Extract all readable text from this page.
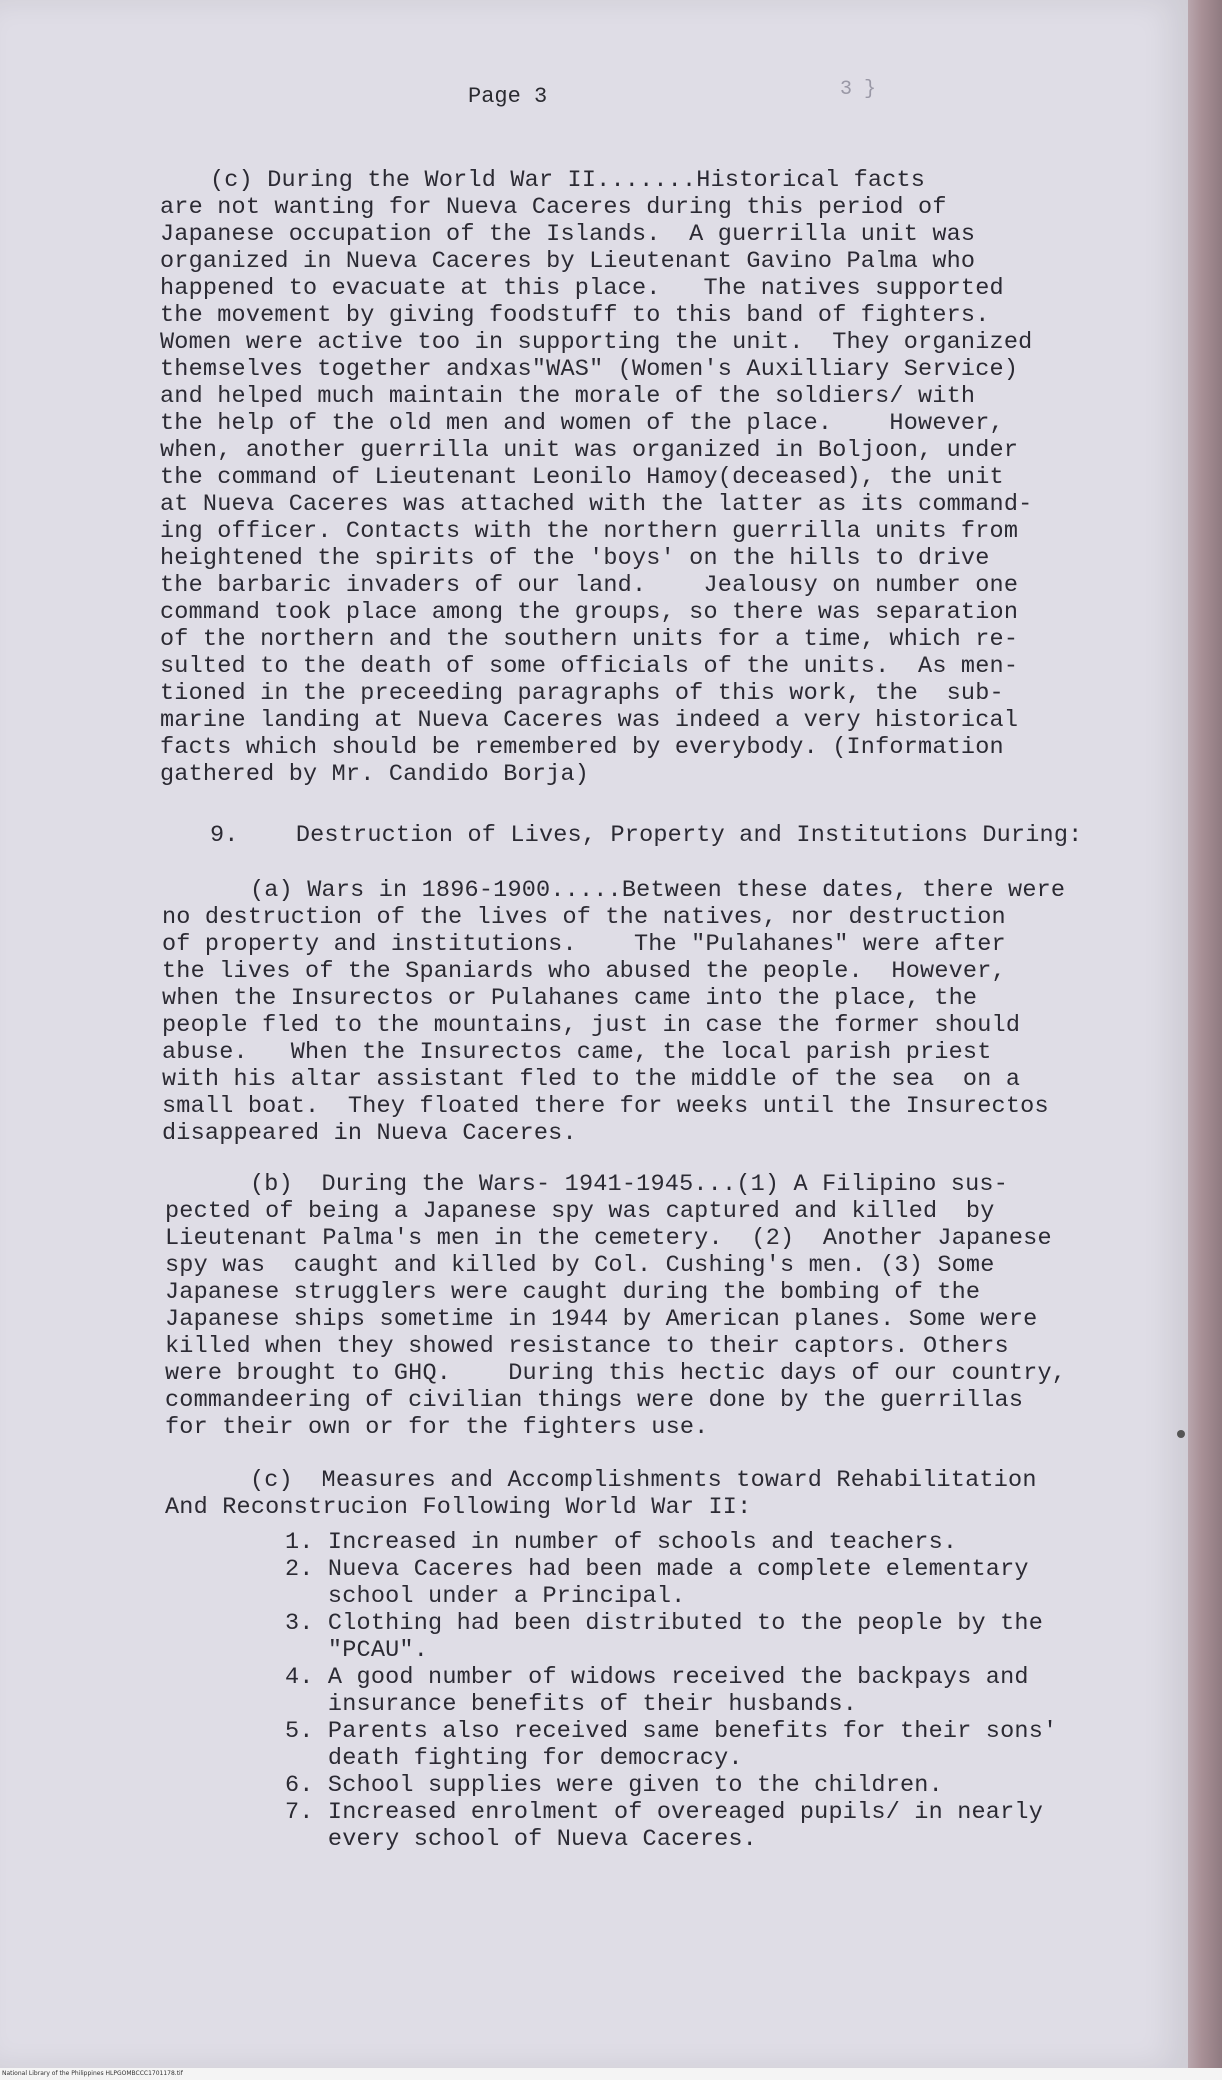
Page 3	3 }
(c) During the World War II.......Historical facts
are not wanting for Nueva Caceres during this period of
Japanese occupation of the Islands.  A guerrilla unit was
organized in Nueva Caceres by Lieutenant Gavino Palma who
happened to evacuate at this place.   The natives supported
the movement by giving foodstuff to this band of fighters.
Women were active too in supporting the unit.  They organized
themselves together andxas"WAS" (Women's Auxilliary Service)
and helped much maintain the morale of the soldiers/ with
the help of the old men and women of the place.    However,
when, another guerrilla unit was organized in Boljoon, under
the command of Lieutenant Leonilo Hamoy(deceased), the unit
at Nueva Caceres was attached with the latter as its command-
ing officer. Contacts with the northern guerrilla units from
heightened the spirits of the 'boys' on the hills to drive
the barbaric invaders of our land.    Jealousy on number one
command took place among the groups, so there was separation
of the northern and the southern units for a time, which re-
sulted to the death of some officials of the units.  As men-
tioned in the preceeding paragraphs of this work, the  sub-
marine landing at Nueva Caceres was indeed a very historical
facts which should be remembered by everybody. (Information
gathered by Mr. Candido Borja)
9.    Destruction of Lives, Property and Institutions During:
(a) Wars in 1896-1900.....Between these dates, there were
no destruction of the lives of the natives, nor destruction
of property and institutions.    The "Pulahanes" were after
the lives of the Spaniards who abused the people.  However,
when the Insurectos or Pulahanes came into the place, the
people fled to the mountains, just in case the former should
abuse.   When the Insurectos came, the local parish priest
with his altar assistant fled to the middle of the sea  on a
small boat.  They floated there for weeks until the Insurectos
disappeared in Nueva Caceres.
(b)  During the Wars- 1941-1945...(1) A Filipino sus-
pected of being a Japanese spy was captured and killed  by
Lieutenant Palma's men in the cemetery.  (2)  Another Japanese
spy was  caught and killed by Col. Cushing's men. (3) Some
Japanese strugglers were caught during the bombing of the
Japanese ships sometime in 1944 by American planes. Some were
killed when they showed resistance to their captors. Others
were brought to GHQ.    During this hectic days of our country,
commandeering of civilian things were done by the guerrillas
for their own or for the fighters use.
(c)  Measures and Accomplishments toward Rehabilitation
And Reconstrucion Following World War II:
1. Increased in number of schools and teachers.
2. Nueva Caceres had been made a complete elementary
school under a Principal.
3. Clothing had been distributed to the people by the
"PCAU".
4. A good number of widows received the backpays and
insurance benefits of their husbands.
5. Parents also received same benefits for their sons'
death fighting for democracy.
6. School supplies were given to the children.
7. Increased enrolment of overeaged pupils/ in nearly
every school of Nueva Caceres.
National Library of the Philippines HLPGOMBCCC1701178.tif
